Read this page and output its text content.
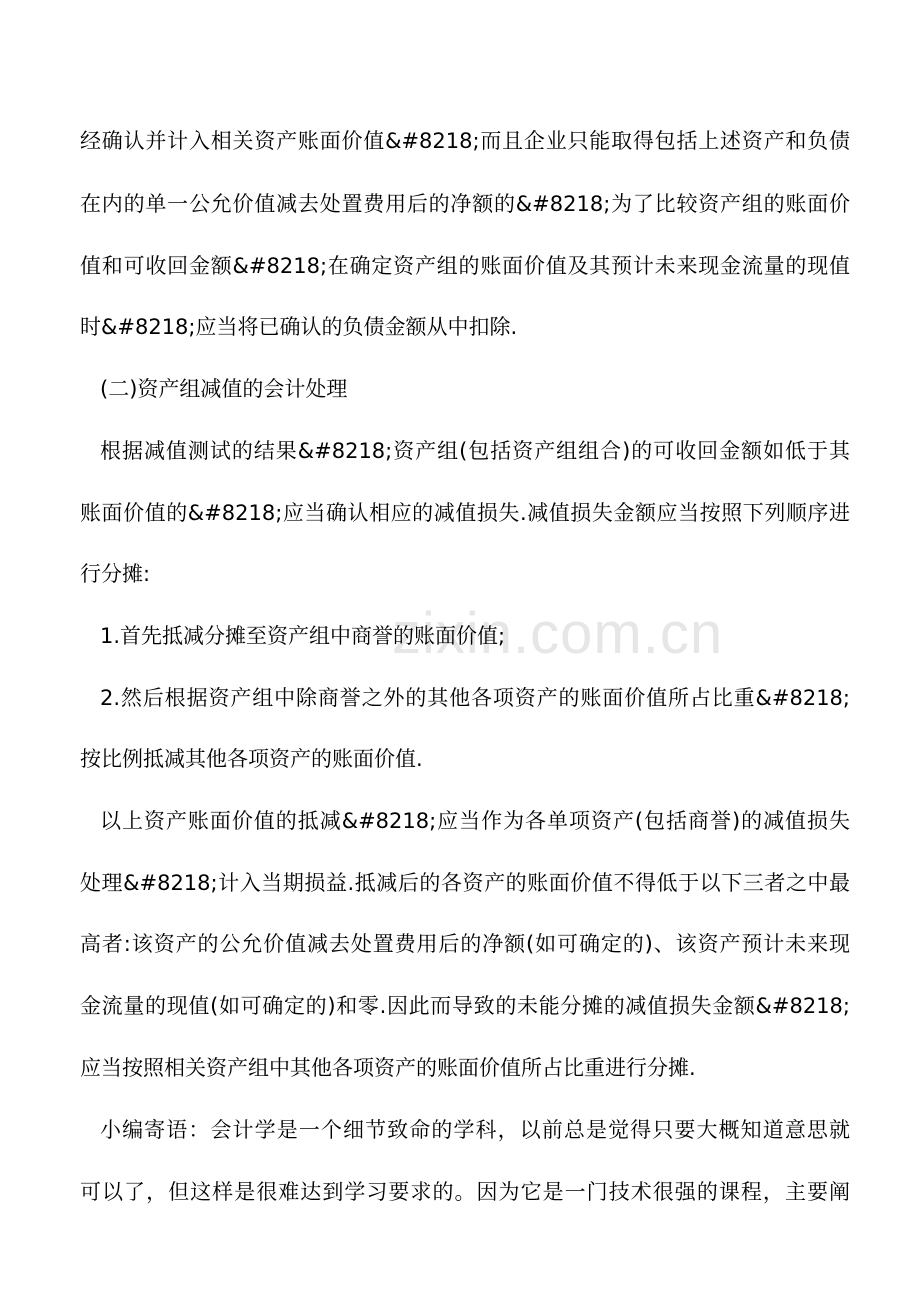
zixin.com.cn
经确认并计入相关资产账面价值&#8218;而且企业只能取得包括上述资产和负债
在内的单一公允价值减去处置费用后的净额的&#8218;为了比较资产组的账面价
值和可收回金额&#8218;在确定资产组的账面价值及其预计未来现金流量的现值
时&#8218;应当将已确认的负债金额从中扣除.
(二)资产组减值的会计处理
根据减值测试的结果&#8218;资产组(包括资产组组合)的可收回金额如低于其
账面价值的&#8218;应当确认相应的减值损失.减值损失金额应当按照下列顺序进
行分摊:
1.首先抵减分摊至资产组中商誉的账面价值;
2.然后根据资产组中除商誉之外的其他各项资产的账面价值所占比重&#8218;
按比例抵减其他各项资产的账面价值.
以上资产账面价值的抵减&#8218;应当作为各单项资产(包括商誉)的减值损失
处理&#8218;计入当期损益.抵减后的各资产的账面价值不得低于以下三者之中最
高者:该资产的公允价值减去处置费用后的净额(如可确定的)、该资产预计未来现
金流量的现值(如可确定的)和零.因此而导致的未能分摊的减值损失金额&#8218;
应当按照相关资产组中其他各项资产的账面价值所占比重进行分摊.
小编寄语：会计学是一个细节致命的学科，以前总是觉得只要大概知道意思就
可以了，但这样是很难达到学习要求的。因为它是一门技术很强的课程，主要阐
